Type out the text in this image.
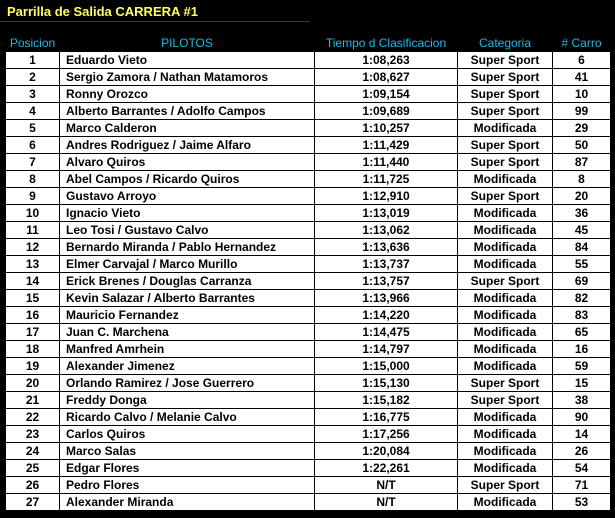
Parrilla de Salida CARRERA #1
Posicion	PILOTOS	Tiempo d Clasificacion	Categoria	# Carro
1	Eduardo Vieto	1:08,263	Super Sport	6
2	Sergio Zamora / Nathan Matamoros	1:08,627	Super Sport	41
3	Ronny Orozco	1:09,154	Super Sport	10
4	Alberto Barrantes / Adolfo Campos	1:09,689	Super Sport	99
5	Marco Calderon	1:10,257	Modificada	29
6	Andres Rodriguez / Jaime Alfaro	1:11,429	Super Sport	50
7	Alvaro Quiros	1:11,440	Super Sport	87
8	Abel Campos / Ricardo Quiros	1:11,725	Modificada	8
9	Gustavo Arroyo	1:12,910	Super Sport	20
10	Ignacio Vieto	1:13,019	Modificada	36
11	Leo Tosi / Gustavo Calvo	1:13,062	Modificada	45
12	Bernardo Miranda / Pablo Hernandez	1:13,636	Modificada	84
13	Elmer Carvajal / Marco Murillo	1:13,737	Modificada	55
14	Erick Brenes / Douglas Carranza	1:13,757	Super Sport	69
15	Kevin Salazar / Alberto Barrantes	1:13,966	Modificada	82
16	Mauricio Fernandez	1:14,220	Modificada	83
17	Juan C. Marchena	1:14,475	Modificada	65
18	Manfred Amrhein	1:14,797	Modificada	16
19	Alexander Jimenez	1:15,000	Modificada	59
20	Orlando Ramirez / Jose Guerrero	1:15,130	Super Sport	15
21	Freddy Donga	1:15,182	Super Sport	38
22	Ricardo Calvo / Melanie Calvo	1:16,775	Modificada	90
23	Carlos Quiros	1:17,256	Modificada	14
24	Marco Salas	1:20,084	Modificada	26
25	Edgar Flores	1:22,261	Modificada	54
26	Pedro Flores	N/T	Super Sport	71
27	Alexander Miranda	N/T	Modificada	53
